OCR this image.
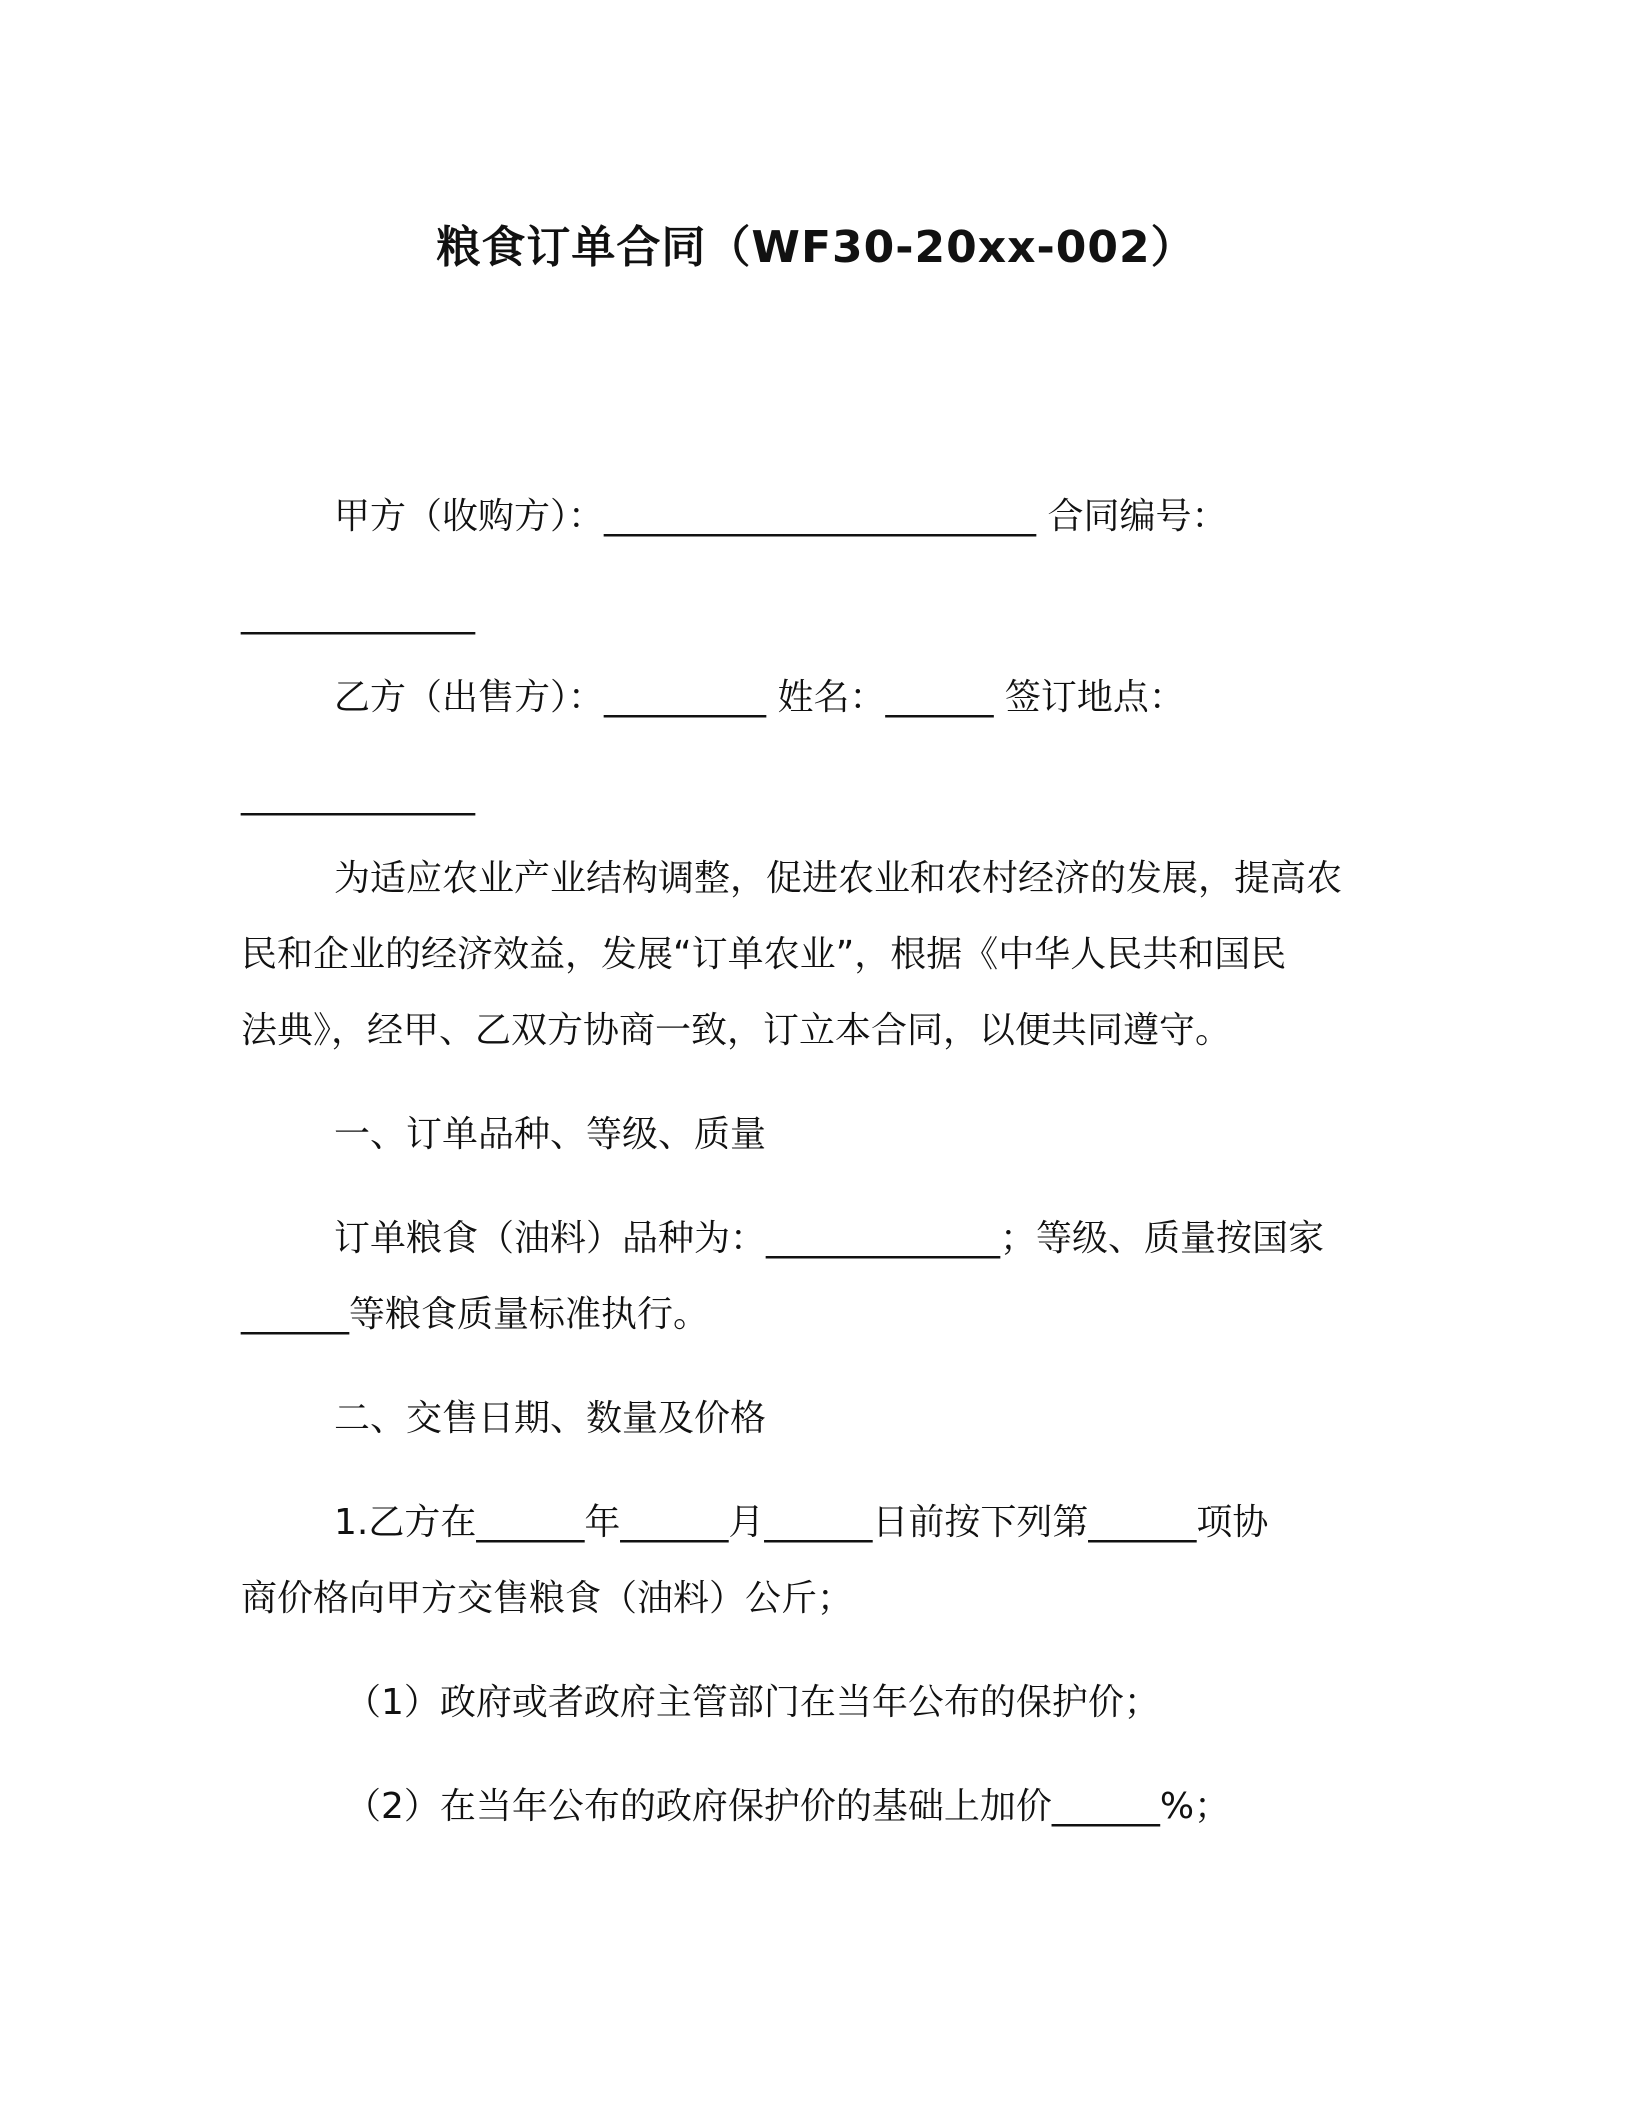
粮食订单合同（WF30-20xx-002）
甲方（收购方）：________________________ 合同编号：
_____________
乙方（出售方）：_________ 姓名：______ 签订地点：
_____________
为适应农业产业结构调整，促进农业和农村经济的发展，提高农
民和企业的经济效益，发展“订单农业”，根据《中华人民共和国民
法典》，经甲、乙双方协商一致，订立本合同，以便共同遵守。
一、订单品种、等级、质量
订单粮食（油料）品种为：_____________；等级、质量按国家
______等粮食质量标准执行。
二、交售日期、数量及价格
1.乙方在______年______月______日前按下列第______项协
商价格向甲方交售粮食（油料）公斤；
（1）政府或者政府主管部门在当年公布的保护价；
（2）在当年公布的政府保护价的基础上加价______%；
